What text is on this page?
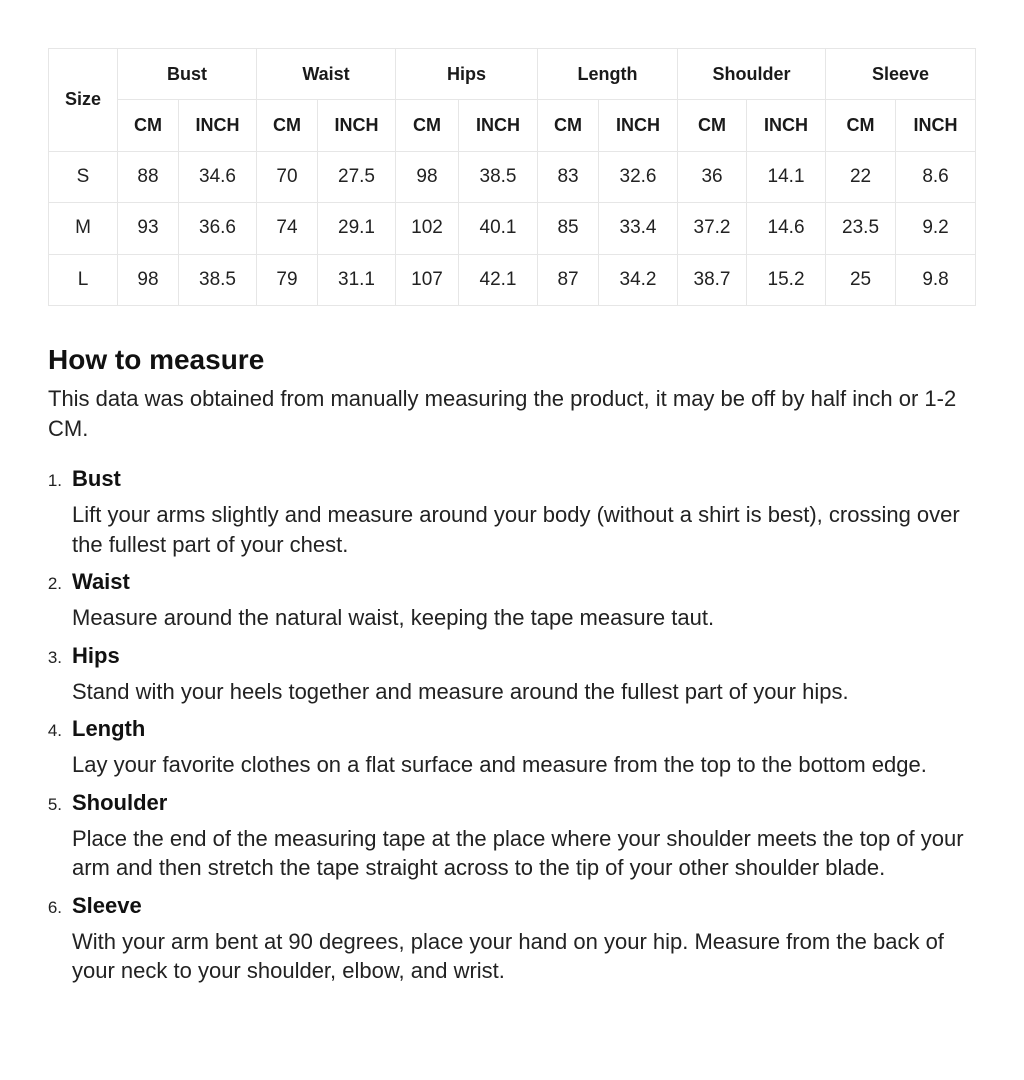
Size	Bust		Waist		Hips		Length		Shoulder		Sleeve	
	CM	INCH	CM	INCH	CM	INCH	CM	INCH	CM	INCH	CM	INCH
S	88	34.6	70	27.5	98	38.5	83	32.6	36	14.1	22	8.6
M	93	36.6	74	29.1	102	40.1	85	33.4	37.2	14.6	23.5	9.2
L	98	38.5	79	31.1	107	42.1	87	34.2	38.7	15.2	25	9.8
How to measure

This data was obtained from manually measuring the product, it may be off by half inch or 1-2 CM.

1. Bust
Lift your arms slightly and measure around your body (without a shirt is best), crossing over the fullest part of your chest.
2. Waist
Measure around the natural waist, keeping the tape measure taut.
3. Hips
Stand with your heels together and measure around the fullest part of your hips.
4. Length
Lay your favorite clothes on a flat surface and measure from the top to the bottom edge.
5. Shoulder
Place the end of the measuring tape at the place where your shoulder meets the top of your arm and then stretch the tape straight across to the tip of your other shoulder blade.
6. Sleeve
With your arm bent at 90 degrees, place your hand on your hip. Measure from the back of your neck to your shoulder, elbow, and wrist.
